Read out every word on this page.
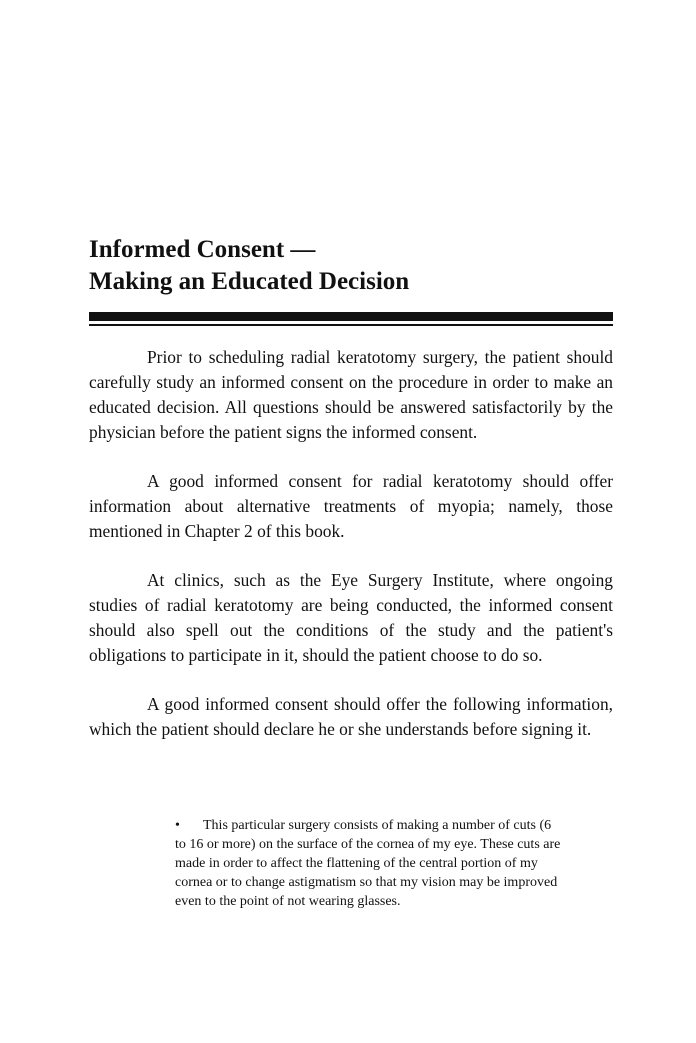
Informed Consent —
Making an Educated Decision

Prior to scheduling radial keratotomy surgery, the patient should carefully study an informed consent on the procedure in order to make an educated decision. All questions should be answered satisfactorily by the physician before the patient signs the informed consent.

A good informed consent for radial keratotomy should offer information about alternative treatments of myopia; namely, those mentioned in Chapter 2 of this book.

At clinics, such as the Eye Surgery Institute, where ongoing studies of radial keratotomy are being conducted, the informed consent should also spell out the conditions of the study and the patient's obligations to participate in it, should the patient choose to do so.

A good informed consent should offer the following information, which the patient should declare he or she understands before signing it.

• This particular surgery consists of making a number of cuts (6 to 16 or more) on the surface of the cornea of my eye. These cuts are made in order to affect the flattening of the central portion of my cornea or to change astigmatism so that my vision may be improved even to the point of not wearing glasses.
